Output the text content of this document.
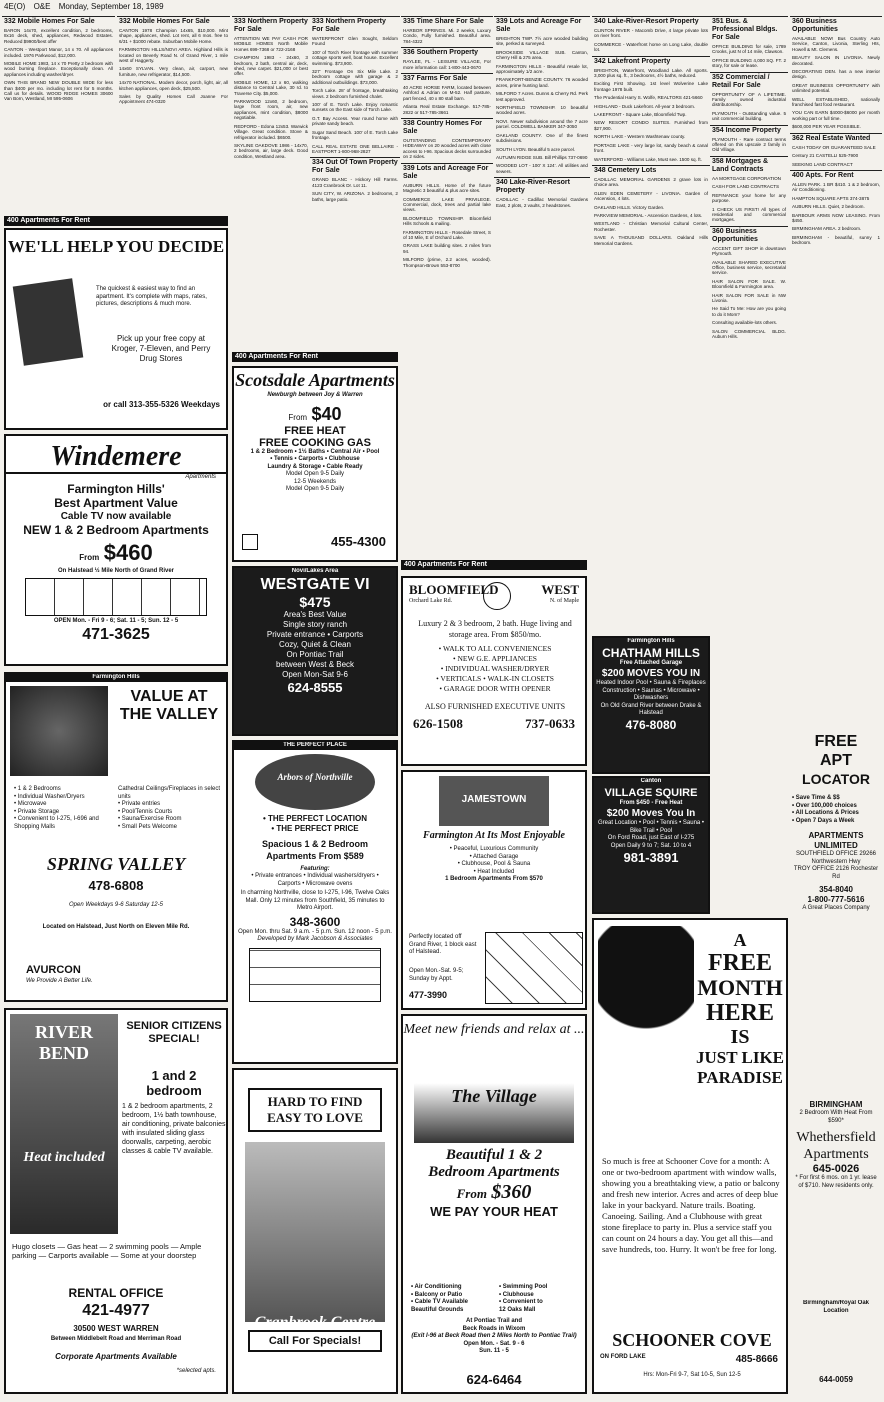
4E(O) O&E Monday, September 18, 1989
332 Mobile Homes For Sale
BARON 14x70, excellent condition, 2 bedrooms, 8x16 deck, shed, appliances, Redwood Estates. Reduced $9900/best offer
CANTON - Westport Manor, 14 x 70. All appliances included. 1976 Parkwood, $12,000.
MOBILE HOME 1983, 14 x 70 Pretty 2 bedroom with wood burning fireplace. Exceptionally clean. All appliances including washer/dryer.
OWN THIS BRAND NEW DOUBLE WIDE for less than $400 per mo. including lot rent for 5 months. Call us for details. WOOD RIDGE HOMES 30600 Van Born, Westland, MI 595-0606
332 Mobile Homes For Sale
CANTON 1978 Champion 14x65, $10,000. Mint shape, appliances, shed. Lot rent, all 6 mos. free to 6/31 + $1000 rebate. Suburban Mobile Home.
FARMINGTON HILLS/NOVI AREA. Highland Hills is located on Beverly Road N. of Grand River, 1 mile west of Haggerty.
14x60 SYLVAN. Very clean, air, carport, new furniture, new refrigerator, $14,500.
14x70 NATIONAL. Modern decor, porch, light, air, all kitchen appliances, open deck, $25,500.
Sales by Quality Homes Call Joanne For Appointment 474-0320
333 Northern Property For Sale
ATTENTION WE PAY CASH FOR MOBILE HOMES North Mobile Homes 699-7368 or 722-2168
CHAMPION 1983 - 24x60, 3 bedroom, 2 bath, central air, deck, shed, new carpet. $21,000 or best offer.
MOBILE HOME, 12 x 60, walking distance to Central Lake, 30 rd. to Traverse City. $5,000.
PARKWOOD 12x60, 2 bedroom, large front room, air, new appliances, mint condition, $8000 negotiable.
REDFORD - Edona 12x53. Warwick Village. Great condition. Stove & refrigerator included. $6500.
SKYLINE OAKDOVE 1986 - 14x70, 2 bedrooms, air, large deck. Good condition, Westland area.
333 Northern Property For Sale
WATERFRONT Glen Sought, Seldom Found
100' of Torch River frontage with summer cottage sports well, boat house. Excellent swimming. $73,900.
327' Frontage On Six Mile Lake. 2 bedroom cottage with garage & 2 additional outbuildings. $73,000.
Torch Lake. 28' of frontage, breathtaking views. 2 bedroom furnished chalet.
100' of E. Torch Lake. Enjoy romantic sunsets on the East side of Torch Lake.
G.T. Bay Access. Year round home with private sandy beach.
Sugar Sand Beach. 100' of E. Torch Lake frontage.
CALL REAL ESTATE ONE BELLAIRE - EASTPORT 1-800-968-2827
334 Out Of Town Property For Sale
GRAND BLANC - Hickory Hill Farms. 4123 Cranbrook Dr. Lot 11.
SUN CITY, W. ARIZONA. 2 bedrooms, 2 baths, large patio.
335 Time Share For Sale
HARBOR SPRINGS. Mi. 2 weeks, Luxury Condo, Fully furnished. Beautiful area. 784-4322
336 Southern Property
RAYLEE, FL - LEISURE VILLAGE, For more information call: 1-800-443-0670
337 Farms For Sale
40 ACRE HORSE FARM, located between Ashford & Adrian on M-52. Half pasture, part fenced, 40 x 80 stall barn.
Atlanta Real Estate Exchange. 517-785-2822 or 517-785-3661
338 Country Homes For Sale
OUTSTANDING CONTEMPORARY HIDEAWAY on 20 wooded acres with close access to I-96. Spacious decks surrounded on 2 sides.
339 Lots and Acreage For Sale
AUBURN HILLS. Home of the future Magnetic 3 beautiful & plus acre sites.
COMMERCE LAKE PRIVILEGE. Commercial, dock, trees and partial lake views.
BLOOMFIELD TOWNSHIP. Bloomfield Hills Schools & mailing.
FARMINGTON HILLS - Rosedale Street, S of 10 Mile, E of Orchard Lake.
GRASS LAKE building sites. 2 miles from 94.
MILFORD (prime, 2.2 acres, wooded). Thompson-Brown 553-8700
339 Lots and Acreage For Sale
BRIGHTON TWP. 7½ acre wooded building site, perked & surveyed.
BROOKSIDE VILLAGE SUB. Canton, Cherry Hill & 275 area.
FARMINGTON HILLS - Beautiful resale lot, approximately 1/2 acre.
FRANKFORT-BENZIE COUNTY. 76 wooded acres, prime hunting land.
MILFORD 7 Acres. Dunns & Cherry Rd. Perk test approved.
NORTHFIELD TOWNSHIP. 10 beautiful wooded acres.
NOVI. Newer subdivision around the 7 acre parcel. COLDWELL BANKER 347-3050
OAKLAND COUNTY. One of the finest subdivisions.
SOUTH LYON. Beautiful 5 acre parcel.
AUTUMN RIDGE SUB. Bill Phillips 737-0690
WOODED LOT - 100' X 124'. All utilities and sewers.
340 Lake-River-Resort Property
CADILLAC - Cadillac Memorial Gardens East, 2 plots, 2 vaults, 2 headstones.
340 Lake-River-Resort Property
CLINTON RIVER - Macomb Drive, 4 large private lots on river front.
COMMERCE - Waterfront home on Long Lake, double lot.
342 Lakefront Property
BRIGHTON, Waterfront, Woodland Lake. All sports. 3,000 plus sq. ft., 3 bedrooms, 4½ baths, reduced.
Exciting First Showing. 1st level Wolverine Lake frontage 1978 built.
The Prudential Harry S. Wolfe, REALTORS 421-5660
HIGHLAND - Duck Lakefront. All-year 3 bedroom.
LAKEFRONT - Square Lake, Bloomfield Twp.
NEW RESORT CONDO SUITES. Furnished from $27,900.
NORTH LAKE - Western Washtenaw county.
PORTAGE LAKE - very large lot, sandy beach & canal front.
WATERFORD - Williams Lake, Must see. 1500 sq. ft.
348 Cemetery Lots
CADILLAC MEMORIAL GARDENS 2 grave lots in choice area.
GLEN EDEN CEMETERY - LIVONIA. Garden of Ascension, 4 lots.
OAKLAND HILLS. Victory Garden.
PARKVIEW MEMORIAL - Ascension Gardens, 4 lots.
WESTLAND - Christian Memorial Cultural Center, Rochester.
SAVE A THOUSAND DOLLARS. Oakland Hills Memorial Gardens.
351 Bus. & Professional Bldgs. For Sale
OFFICE BUILDING for sale, 1789 Crooks, just N of 14 mile, Clawson.
OFFICE BUILDING 4,000 SQ. FT. 2 story, for sale or lease.
352 Commercial / Retail For Sale
OPPORTUNITY OF A LIFETIME. Family owned industrial distributorship.
PLYMOUTH - Outstanding value. 5 unit commercial building.
354 Income Property
PLYMOUTH - Rare contract terms offered on this upscale 2 family in Old Village.
358 Mortgages & Land Contracts
AA MORTGAGE CORPORATION
CASH FOR LAND CONTRACTS
REFINANCE your home for any purpose.
1 CHECK US FIRST! All types of residential and commercial mortgages.
360 Business Opportunities
ACCENT GIFT SHOP in downtown Plymouth.
AVAILABLE SHARED EXECUTIVE Office, business service, secretarial service.
HAIR SALON FOR SALE. W. Bloomfield & Farmington area.
HAIR SALON FOR SALE in NW Livonia.
He Said To Me: How are you going to do it Mom?
Consulting available-lots others.
SALON COMMERCIAL BLDG. Auburn Hills.
360 Business Opportunities
AVAILABLE NOW! Bus Country Auto Service, Canton, Livonia, Sterling Hts, Howell & Mt. Clemens.
BEAUTY SALON IN LIVONIA. Newly decorated.
DECORATING DEN. has a new interior design.
GREAT BUSINESS OPPORTUNITY with unlimited potential.
WELL ESTABLISHED, nationally franchised fast food restaurant.
YOU CAN EARN $4000-$6000 per month working part or full time.
$600,000 PER YEAR POSSIBLE.
362 Real Estate Wanted
CASH TODAY OR GUARANTEED SALE
Century 21 CASTELLI 525-7900
SEEKING LAND CONTRACT
400 Apts. For Rent
ALLEN PARK. 1 BR $410. 1 & 2 bedroom, Air Conditioning.
HAMPTON SQUARE APTS 374-3875
AUBURN HILLS. Quiet, 2 bedroom.
BARBOUR ARMS NOW LEASING. From $450.
BIRMINGHAM AREA. 2 bedroom.
BIRMINGHAM - beautiful, sunny 1 bedroom.
400 Apartments For Rent
400 Apartments For Rent
400 Apartments For Rent
WE'LL HELP YOU DECIDE
The quickest & easiest way to find an apartment. It's complete with maps, rates, pictures, descriptions & much more.
Pick up your free copy at Kroger, 7-Eleven, and Perry Drug Stores
or call 313-355-5326 Weekdays
Windemere
Apartments
Farmington Hills'
Best Apartment Value
Cable TV now available
NEW 1 & 2 Bedroom Apartments
From $460
On Halstead ½ Mile North of Grand River
OPEN Mon. - Fri 9 - 6; Sat. 11 - 5; Sun. 12 - 5
471-3625
Farmington Hills
VALUE AT THE VALLEY
• 1 & 2 Bedrooms
• Individual Washer/Dryers
• Microwave
• Private Storage
• Convenient to I-275, I-696 and Shopping Malls
Cathedral Ceilings/Fireplaces in select units
• Private entries
• Pool/Tennis Courts
• Sauna/Exercise Room
• Small Pets Welcome
SPRING VALLEY
478-6808
Open Weekdays 9-6 Saturday 12-5
Located on Halstead, Just North on Eleven Mile Rd.
AVURCON
We Provide A Better Life.
RIVER BEND
Heat included
SENIOR CITIZENS SPECIAL!
1 and 2 bedroom
1 & 2 bedroom apartments, 2 bedroom, 1½ bath townhouse, air conditioning, private balconies with insulated sliding glass doorwalls, carpeting, aerobic classes & cable TV available.
Hugo closets — Gas heat — 2 swimming pools — Ample parking — Carports available — Some at your doorstep
RENTAL OFFICE
421-4977
30500 WEST WARREN
Between Middlebelt Road and Merriman Road
Corporate Apartments Available
*selected apts.
Scotsdale Apartments
Newburgh between Joy & Warren
From $40
FREE HEAT
FREE COOKING GAS
1 & 2 Bedroom • 1½ Baths • Central Air • Pool
• Tennis • Carports • Clubhouse
Laundry & Storage • Cable Ready
Model Open 9-5 Daily
12-5 Weekends
Model Open 9-5 Daily
455-4300
Novi/Lakes Area
WESTGATE VI
$475
Area's Best Value
Single story ranch
Private entrance • Carports
Cozy, Quiet & Clean
On Pontiac Trail
between West & Beck
Open Mon-Sat 9-6
624-8555
THE PERFECT PLACE
Arbors of Northville
• THE PERFECT LOCATION
• THE PERFECT PRICE
Spacious 1 & 2 Bedroom Apartments From $589
Featuring:
• Private entrances • Individual washers/dryers • Carports • Microwave ovens
In charming Northville, close to I-275, I-96, Twelve Oaks Mall. Only 12 minutes from Southfield, 35 minutes to Metro Airport.
348-3600
Open Mon. thru Sat. 9 a.m. - 5 p.m. Sun. 12 noon - 5 p.m.
Developed by Mark Jacobson & Associates
HARD TO FIND
EASY TO LOVE
Cranbrook Centre
Call For Specials!
BLOOMFIELD
Orchard Lake Rd.
WEST
N. of Maple
Luxury 2 & 3 bedroom, 2 bath. Huge living and storage area. From $850/mo.
• WALK TO ALL CONVENIENCES
• NEW G.E. APPLIANCES
• INDIVIDUAL WASHER/DRYER
• VERTICALS • WALK-IN CLOSETS
• GARAGE DOOR WITH OPENER
ALSO FURNISHED EXECUTIVE UNITS
626-1508	737-0633
JAMESTOWN
Farmington At Its Most Enjoyable
• Peaceful, Luxurious Community
• Attached Garage
• Clubhouse, Pool & Sauna
• Heat Included
1 Bedroom Apartments From $570
Perfectly located off Grand River, 1 block east of Halstead.
Open Mon.-Sat. 9-5; Sunday by Appt.
477-3990
Meet new friends and relax at ...
The Village
Beautiful 1 & 2
Bedroom Apartments
From $360
WE PAY YOUR HEAT
• Air Conditioning
• Balcony or Patio
• Cable TV Available
Beautiful Grounds
• Swimming Pool
• Clubhouse
• Convenient to
12 Oaks Mall
At Pontiac Trail and
Beck Roads in Wixom
(Exit I-96 at Beck Road then 2 Miles North to Pontiac Trail)
Open Mon. - Sat. 9 - 6
Sun. 11 - 5
624-6464
Farmington Hills
CHATHAM HILLS
Free Attached Garage
$200 MOVES YOU IN
Heated Indoor Pool • Sauna & Fireplaces
Construction • Saunas • Microwave • Dishwashers
On Old Grand River between Drake & Halstead
476-8080
Canton
VILLAGE SQUIRE
From $450 - Free Heat
$200 Moves You In
Great Location • Pool • Tennis • Sauna • Bike Trail • Pool
On Ford Road, just East of I-275
Open Daily 9 to 7; Sat. 10 to 4
981-3891
A
FREE
MONTH
HERE
IS
JUST LIKE
PARADISE
So much is free at Schooner Cove for a month: A one or two-bedroom apartment with window walls, showing you a breathtaking view, a patio or balcony and fresh new interior. Acres and acres of deep blue lake in your backyard. Nature trails. Boating. Canoeing. Sailing. And a Clubhouse with great stone fireplace to party in. Plus a service staff you can count on 24 hours a day. You get all this—and save hundreds, too. Hurry. It won't be free for long.
SCHOONER COVE
ON FORD LAKE	485-8666
Hrs: Mon-Fri 9-7, Sat 10-5, Sun 12-5
FREE
APT
LOCATOR
• Save Time & $$
• Over 100,000 choices
• All Locations & Prices
• Open 7 Days a Week
APARTMENTS UNLIMITED
SOUTHFIELD OFFICE 29266 Northwestern Hwy
TROY OFFICE 2126 Rochester Rd
354-8040
1-800-777-5616
A Great Places Company
BIRMINGHAM
2 Bedroom With Heat From $590*
Whethersfield Apartments
645-0026
* For first 6 mos. on 1 yr. lease of $710. New residents only.
Birmingham/Royal Oak Location
644-0059
